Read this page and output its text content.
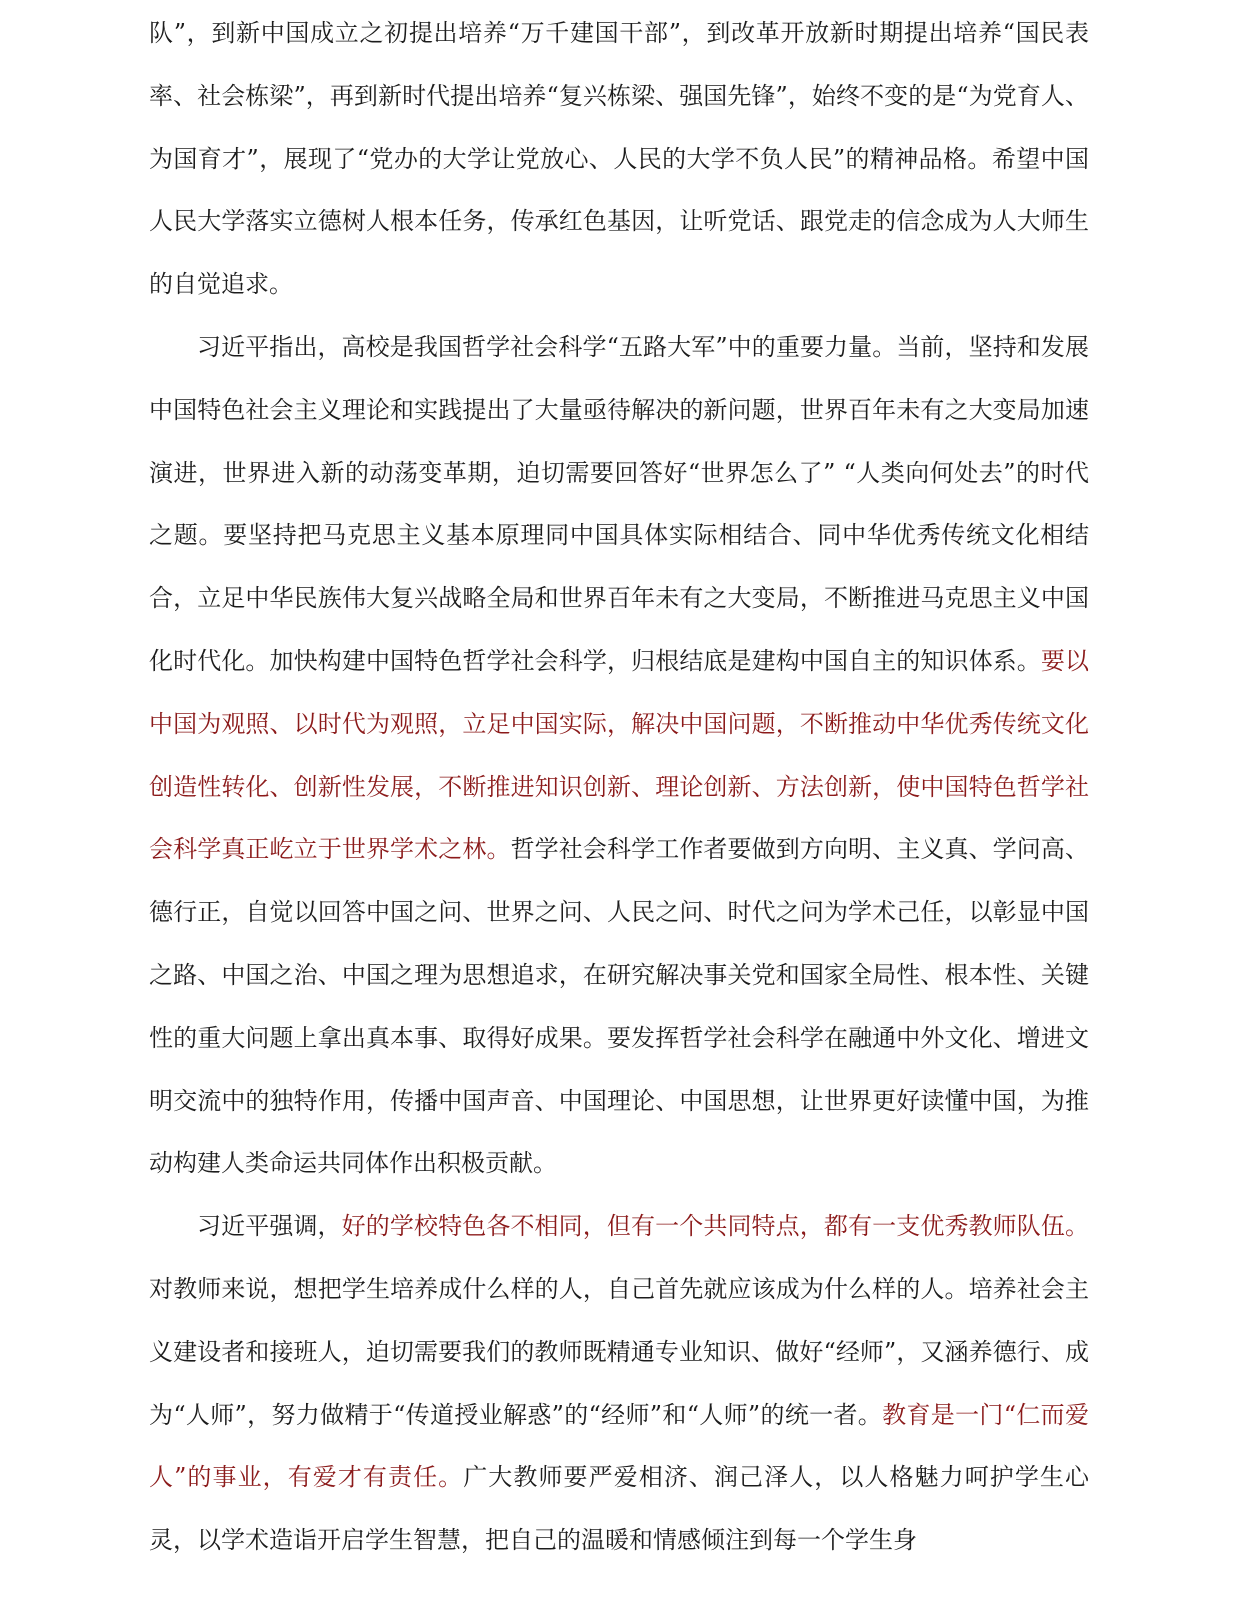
队”，到新中国成立之初提出培养“万千建国干部”，到改革开放新时期提出培养“国民表率、社会栋梁”，再到新时代提出培养“复兴栋梁、强国先锋”，始终不变的是“为党育人、为国育才”，展现了“党办的大学让党放心、人民的大学不负人民”的精神品格。希望中国人民大学落实立德树人根本任务，传承红色基因，让听党话、跟党走的信念成为人大师生的自觉追求。

习近平指出，高校是我国哲学社会科学“五路大军”中的重要力量。当前，坚持和发展中国特色社会主义理论和实践提出了大量亟待解决的新问题，世界百年未有之大变局加速演进，世界进入新的动荡变革期，迫切需要回答好“世界怎么了” “人类向何处去”的时代之题。要坚持把马克思主义基本原理同中国具体实际相结合、同中华优秀传统文化相结合，立足中华民族伟大复兴战略全局和世界百年未有之大变局，不断推进马克思主义中国化时代化。加快构建中国特色哲学社会科学，归根结底是建构中国自主的知识体系。要以中国为观照、以时代为观照，立足中国实际，解决中国问题，不断推动中华优秀传统文化创造性转化、创新性发展，不断推进知识创新、理论创新、方法创新，使中国特色哲学社会科学真正屹立于世界学术之林。哲学社会科学工作者要做到方向明、主义真、学问高、德行正，自觉以回答中国之问、世界之问、人民之问、时代之问为学术己任，以彰显中国之路、中国之治、中国之理为思想追求，在研究解决事关党和国家全局性、根本性、关键性的重大问题上拿出真本事、取得好成果。要发挥哲学社会科学在融通中外文化、增进文明交流中的独特作用，传播中国声音、中国理论、中国思想，让世界更好读懂中国，为推动构建人类命运共同体作出积极贡献。

习近平强调，好的学校特色各不相同，但有一个共同特点，都有一支优秀教师队伍。对教师来说，想把学生培养成什么样的人，自己首先就应该成为什么样的人。培养社会主义建设者和接班人，迫切需要我们的教师既精通专业知识、做好“经师”，又涵养德行、成为“人师”，努力做精于“传道授业解惑”的“经师”和“人师”的统一者。教育是一门“仁而爱人”的事业，有爱才有责任。广大教师要严爱相济、润己泽人，以人格魅力呵护学生心灵，以学术造诣开启学生智慧，把自己的温暖和情感倾注到每一个学生身
